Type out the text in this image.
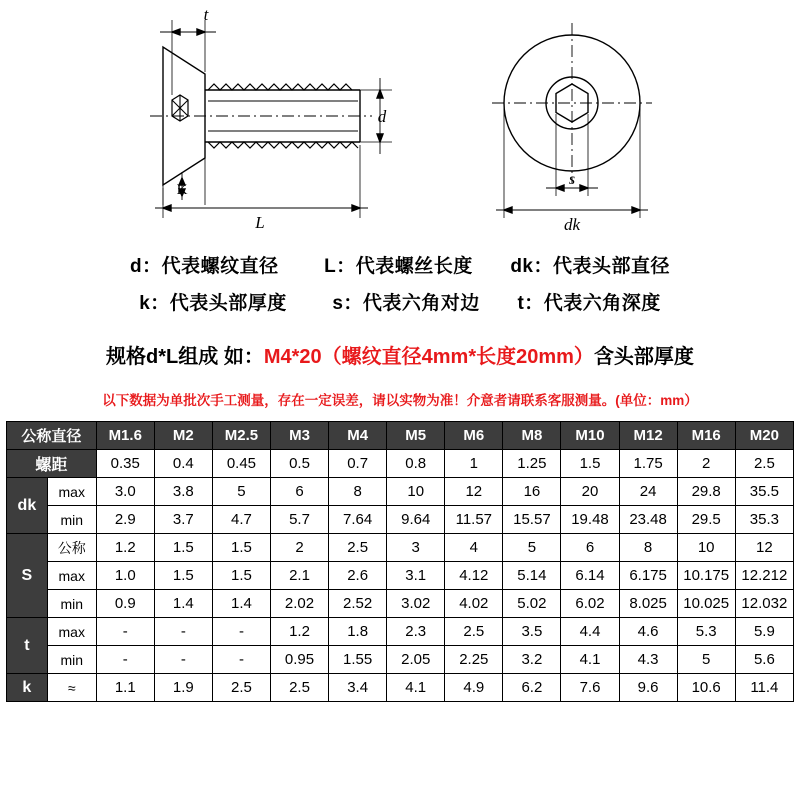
t
d
K
L
s
dk
d：代表螺纹直径 L：代表螺丝长度 dk：代表头部直径
k：代表头部厚度 s：代表六角对边 t：代表六角深度
规格d*L组成 如：M4*20（螺纹直径4mm*长度20mm）含头部厚度
以下数据为单批次手工测量，存在一定误差，请以实物为准！介意者请联系客服测量。(单位：mm）
公称直径		M1.6	M2	M2.5	M3	M4	M5	M6	M8	M10	M12	M16	M20
螺距		0.35	0.4	0.45	0.5	0.7	0.8	1	1.25	1.5	1.75	2	2.5
dk	max	3.0	3.8	5	6	8	10	12	16	20	24	29.8	35.5
	min	2.9	3.7	4.7	5.7	7.64	9.64	11.57	15.57	19.48	23.48	29.5	35.3
S	公称	1.2	1.5	1.5	2	2.5	3	4	5	6	8	10	12
	max	1.0	1.5	1.5	2.1	2.6	3.1	4.12	5.14	6.14	6.175	10.175	12.212
	min	0.9	1.4	1.4	2.02	2.52	3.02	4.02	5.02	6.02	8.025	10.025	12.032
t	max	-	-	-	1.2	1.8	2.3	2.5	3.5	4.4	4.6	5.3	5.9
	min	-	-	-	0.95	1.55	2.05	2.25	3.2	4.1	4.3	5	5.6
k	≈	1.1	1.9	2.5	2.5	3.4	4.1	4.9	6.2	7.6	9.6	10.6	11.4
